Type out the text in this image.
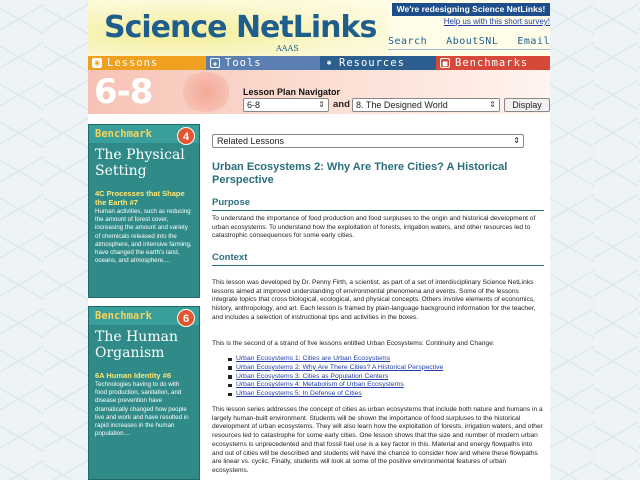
Science NetLinks
AAAS
We're redesigning Science NetLinks!
Help us with this short survey!
Search AboutSNL Email
◉ Lessons	✚ Tools	✱ Resources	■ Benchmarks
6-8	Lesson Plan Navigator
6-8	⇕ and 8. The Designed World	⇕	Display
Benchmark	4
The Physical
Setting
4C Processes that Shape
the Earth #7
Human activities, such as reducing the amount of forest cover, increasing the amount and variety of chemicals released into the atmosphere, and intensive farming, have changed the earth's land, oceans, and atmosphere....
Benchmark	6
The Human
Organism
6A Human Identity #6
Technologies having to do with food production, sanitation, and disease prevention have dramatically changed how people live and work and have resulted in rapid increases in the human population....
Related Lessons	⇕
Urban Ecosystems 2: Why Are There Cities? A Historical Perspective
Purpose
To understand the importance of food production and food surpluses to the origin and historical development of urban ecosystems. To understand how the exploitation of forests, irrigation waters, and other resources led to catastrophic consequences for some early cities.
Context
This lesson was developed by Dr. Penny Firth, a scientist, as part of a set of interdisciplinary Science NetLinks lessons aimed at improved understanding of environmental phenomena and events. Some of the lessons integrate topics that cross biological, ecological, and physical concepts. Others involve elements of economics, history, anthropology, and art. Each lesson is framed by plain-language background information for the teacher, and includes a selection of instructional tips and activities in the boxes.
This is the second of a strand of five lessons entitled Urban Ecosystems: Continuity and Change:
Urban Ecosystems 1: Cities are Urban Ecosystems
Urban Ecosystems 2: Why Are There Cities? A Historical Perspective
Urban Ecosystems 3: Cities as Population Centers
Urban Ecosystems 4: Metabolism of Urban Ecosystems
Urban Ecosystems 5: In Defense of Cities
This lesson series addresses the concept of cities as urban ecosystems that include both nature and humans in a largely human-built environment. Students will be shown the importance of food surpluses to the historical development of urban ecosystems. They will also learn how the exploitation of forests, irrigation waters, and other resources led to catastrophe for some early cities. One lesson shows that the size and number of modern urban ecosystems is unprecedented and that fossil fuel use is a key factor in this. Material and energy flowpaths into and out of cities will be described and students will have the chance to consider how and where these flowpaths are linear vs. cyclic. Finally, students will look at some of the positive environmental features of urban ecosystems.
